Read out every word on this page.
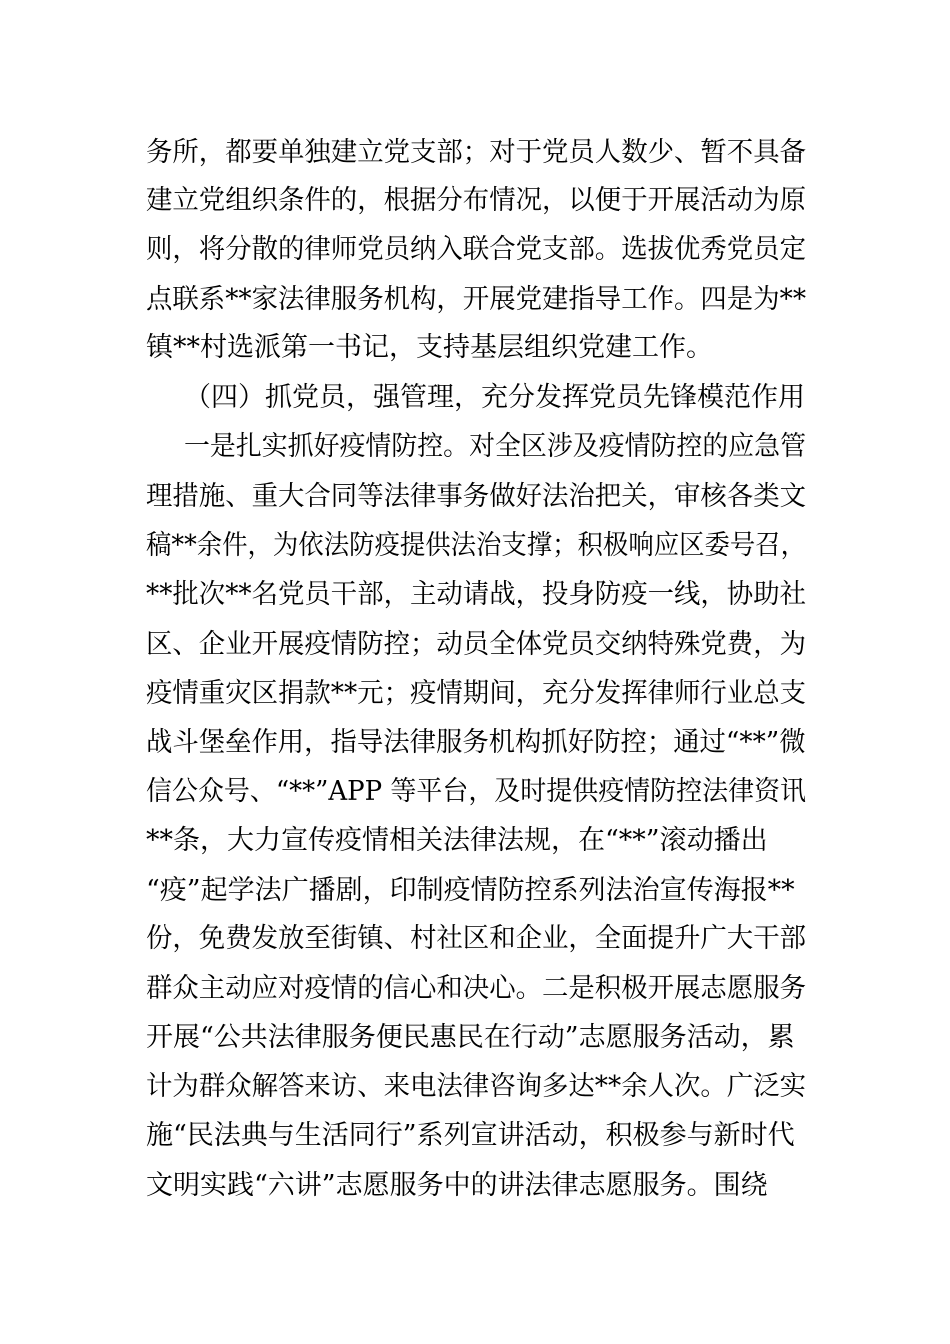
务所，都要单独建立党支部；对于党员人数少、暂不具备
建立党组织条件的，根据分布情况，以便于开展活动为原
则，将分散的律师党员纳入联合党支部。选拔优秀党员定
点联系**家法律服务机构，开展党建指导工作。四是为**
镇**村选派第一书记，支持基层组织党建工作。
（四）抓党员，强管理，充分发挥党员先锋模范作用
一是扎实抓好疫情防控。对全区涉及疫情防控的应急管
理措施、重大合同等法律事务做好法治把关，审核各类文
稿**余件，为依法防疫提供法治支撑；积极响应区委号召，
**批次**名党员干部，主动请战，投身防疫一线，协助社
区、企业开展疫情防控；动员全体党员交纳特殊党费，为
疫情重灾区捐款**元；疫情期间，充分发挥律师行业总支
战斗堡垒作用，指导法律服务机构抓好防控；通过“**”微
信公众号、“**”APP 等平台，及时提供疫情防控法律资讯
**条，大力宣传疫情相关法律法规，在“**”滚动播出
“疫”起学法广播剧，印制疫情防控系列法治宣传海报**
份，免费发放至街镇、村社区和企业，全面提升广大干部
群众主动应对疫情的信心和决心。二是积极开展志愿服务
开展“公共法律服务便民惠民在行动”志愿服务活动，累
计为群众解答来访、来电法律咨询多达**余人次。广泛实
施“民法典与生活同行”系列宣讲活动，积极参与新时代
文明实践“六讲”志愿服务中的讲法律志愿服务。围绕
